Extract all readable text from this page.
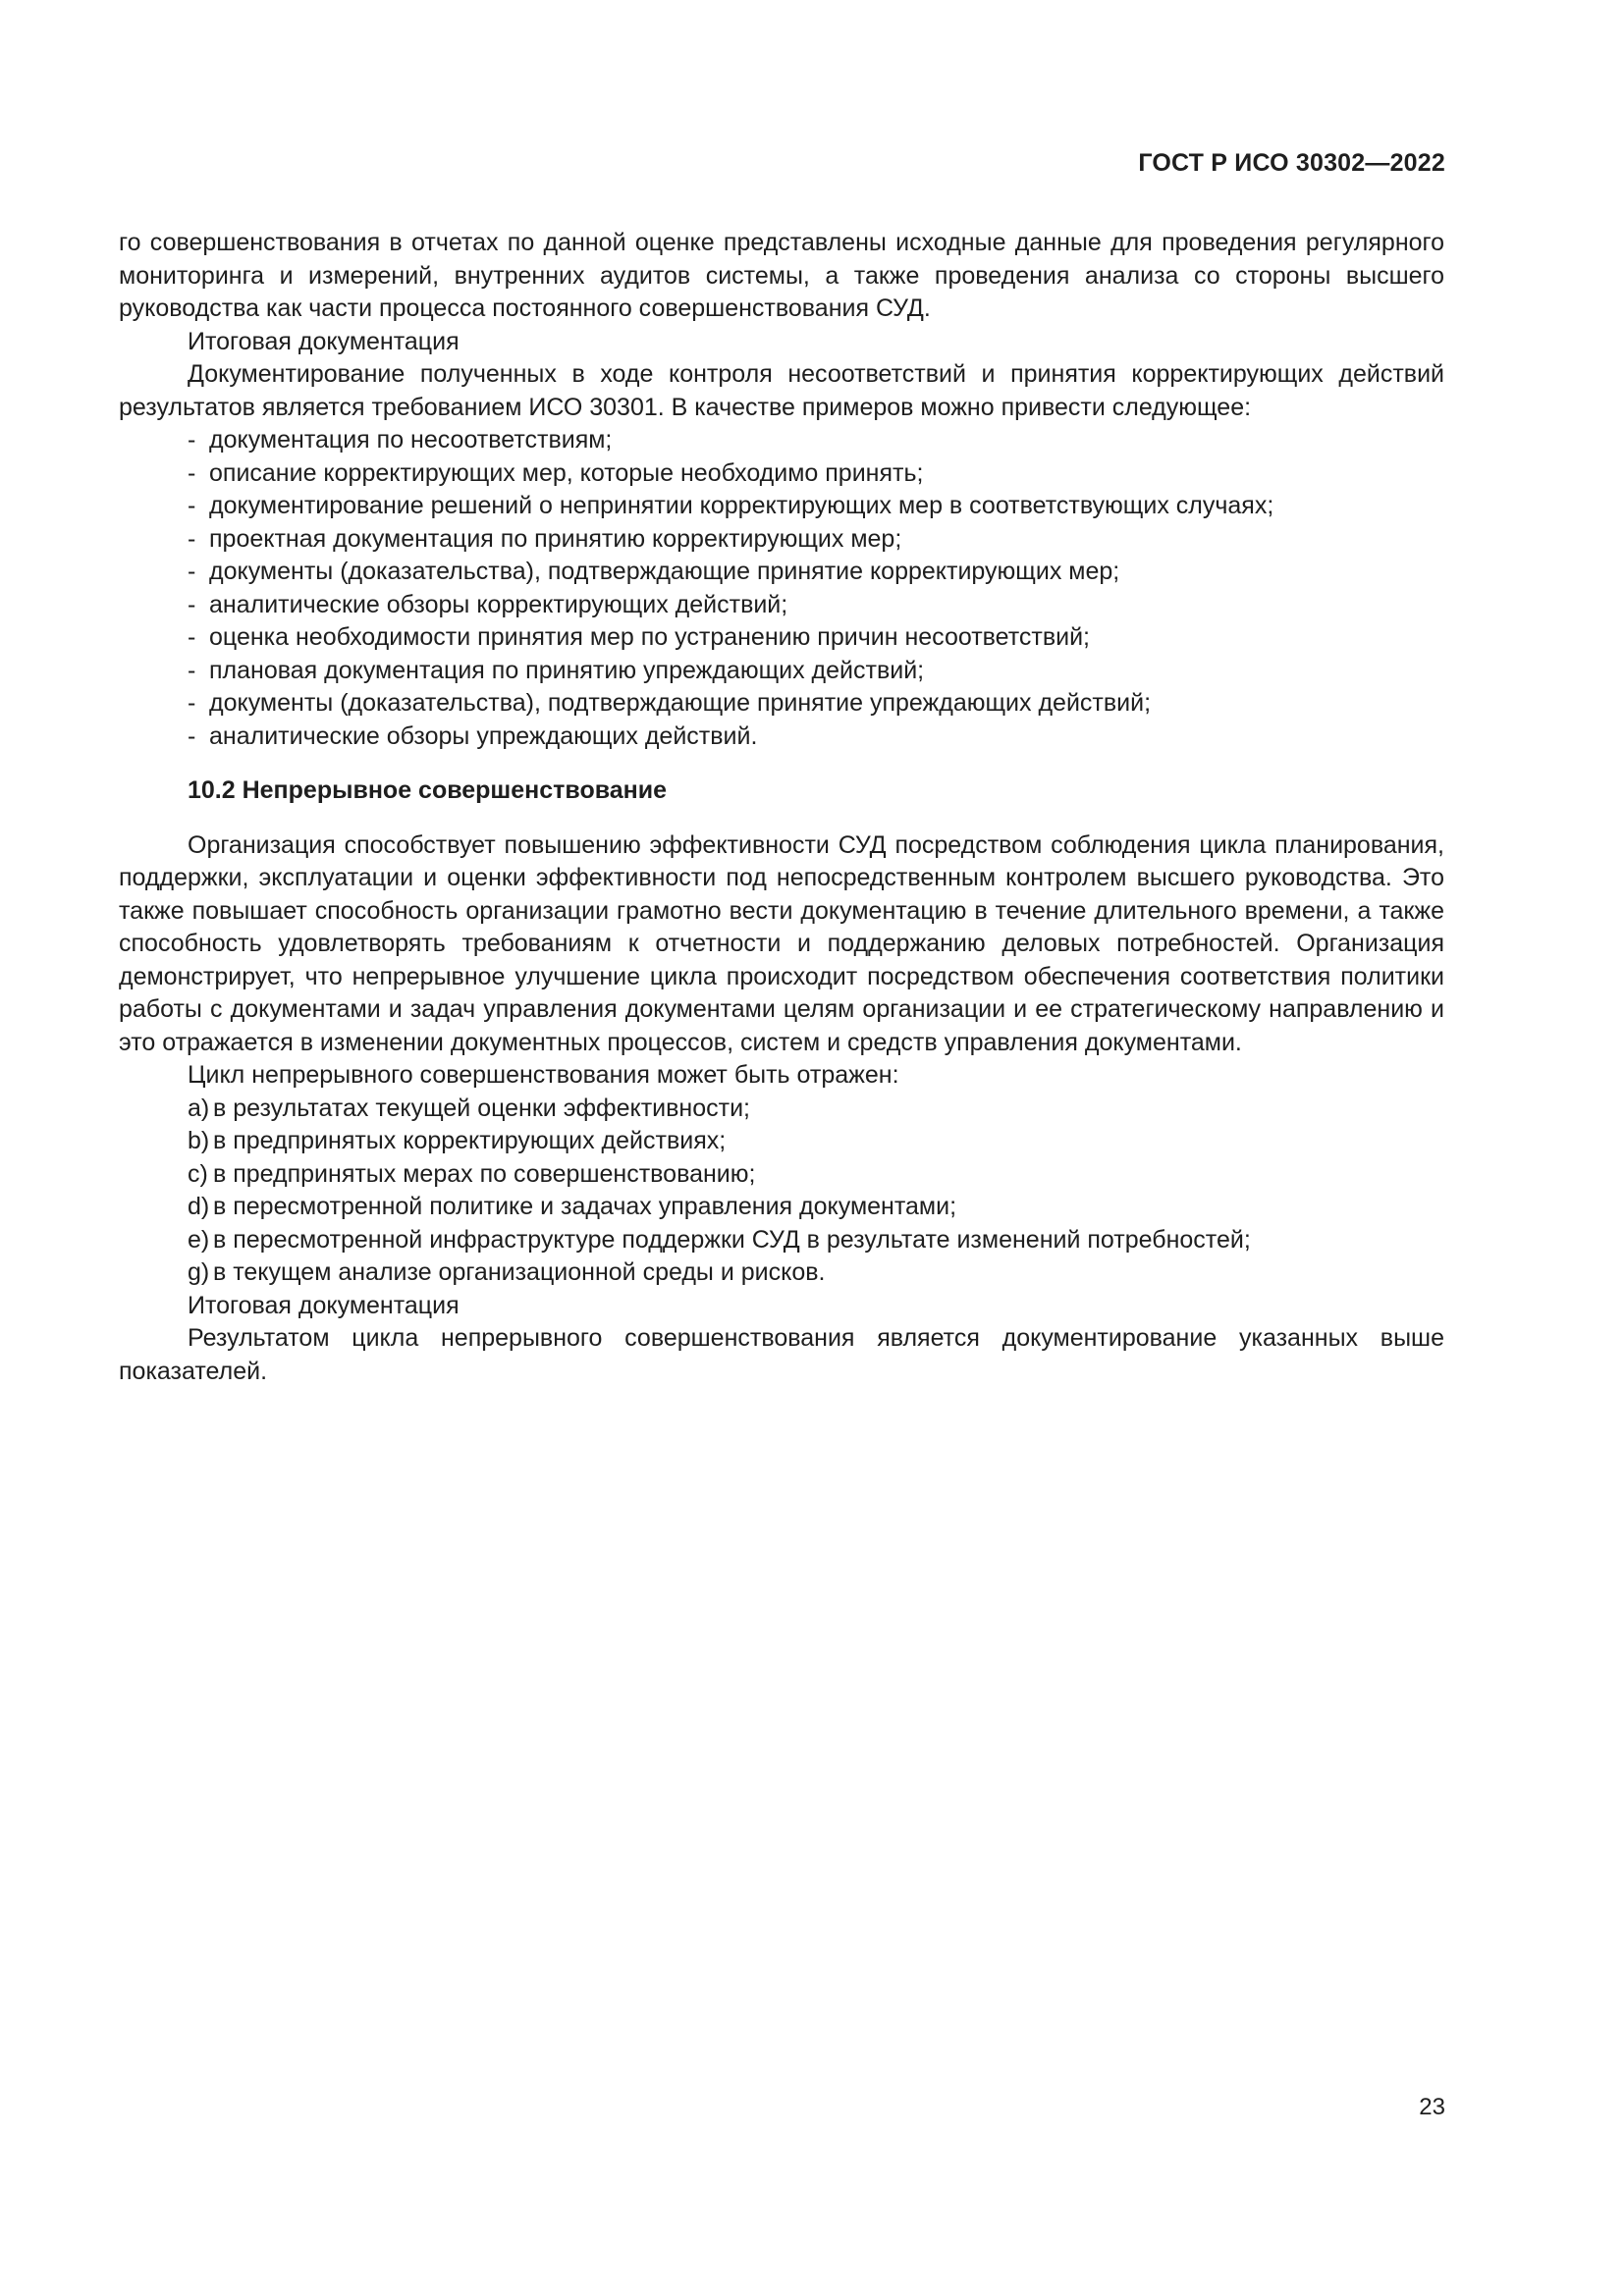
ГОСТ Р ИСО 30302—2022

го совершенствования в отчетах по данной оценке представлены исходные данные для проведения регулярного мониторинга и измерений, внутренних аудитов системы, а также проведения анализа со стороны высшего руководства как части процесса постоянного совершенствования СУД.

Итоговая документация

Документирование полученных в ходе контроля несоответствий и принятия корректирующих действий результатов является требованием ИСО 30301. В качестве примеров можно привести следующее:

- документация по несоответствиям;
- описание корректирующих мер, которые необходимо принять;
- документирование решений о непринятии корректирующих мер в соответствующих случаях;
- проектная документация по принятию корректирующих мер;
- документы (доказательства), подтверждающие принятие корректирующих мер;
- аналитические обзоры корректирующих действий;
- оценка необходимости принятия мер по устранению причин несоответствий;
- плановая документация по принятию упреждающих действий;
- документы (доказательства), подтверждающие принятие упреждающих действий;
- аналитические обзоры упреждающих действий.
10.2 Непрерывное совершенствование

Организация способствует повышению эффективности СУД посредством соблюдения цикла планирования, поддержки, эксплуатации и оценки эффективности под непосредственным контролем высшего руководства. Это также повышает способность организации грамотно вести документацию в течение длительного времени, а также способность удовлетворять требованиям к отчетности и поддержанию деловых потребностей. Организация демонстрирует, что непрерывное улучшение цикла происходит посредством обеспечения соответствия политики работы с документами и задач управления документами целям организации и ее стратегическому направлению и это отражается в изменении документных процессов, систем и средств управления документами.

Цикл непрерывного совершенствования может быть отражен:

a) в результатах текущей оценки эффективности;
b) в предпринятых корректирующих действиях;
c) в предпринятых мерах по совершенствованию;
d) в пересмотренной политике и задачах управления документами;
e) в пересмотренной инфраструктуре поддержки СУД в результате изменений потребностей;
g) в текущем анализе организационной среды и рисков.

Итоговая документация

Результатом цикла непрерывного совершенствования является документирование указанных выше показателей.

23
